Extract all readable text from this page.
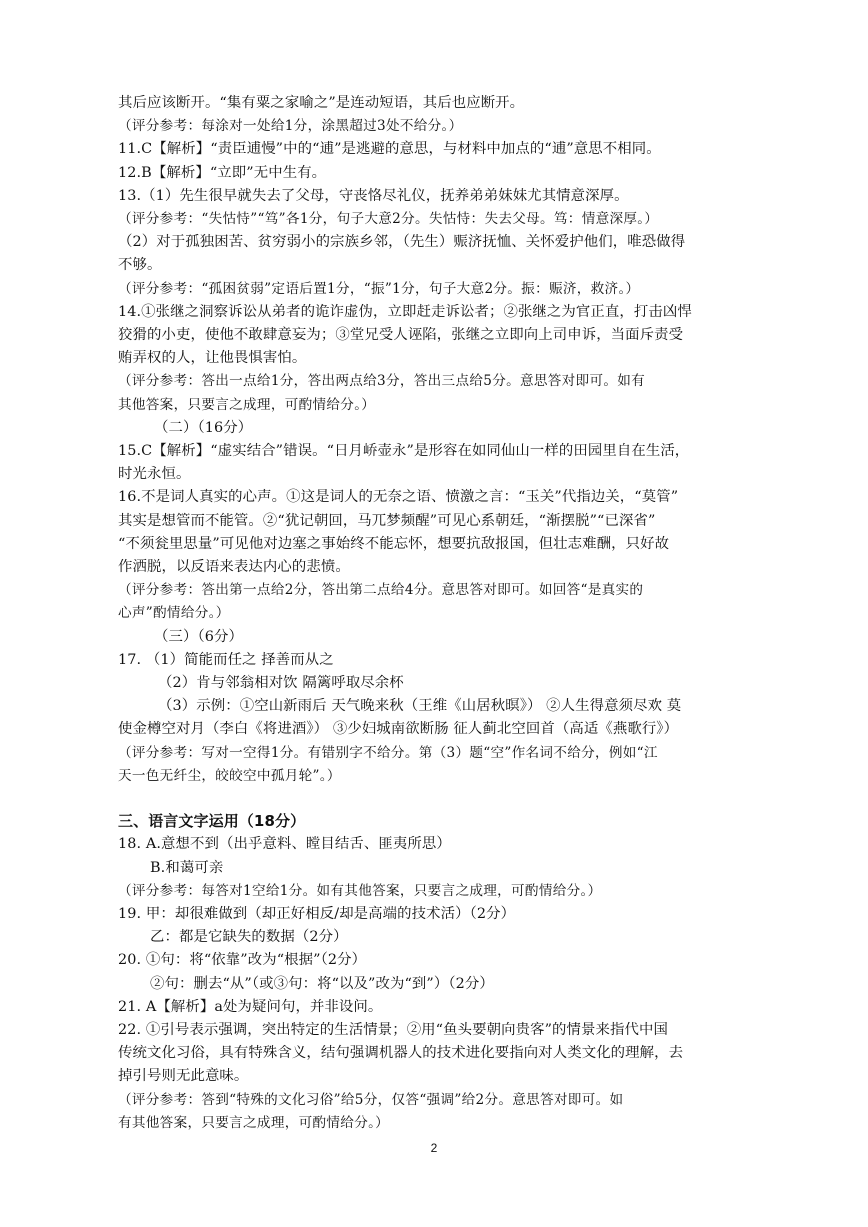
其后应该断开。“集有粟之家喻之”是连动短语，其后也应断开。
（评分参考：每涂对一处给1分，涂黑超过3处不给分。）
11.C【解析】“责臣逋慢”中的“逋”是逃避的意思，与材料中加点的“逋”意思不相同。
12.B【解析】“立即”无中生有。
13.（1）先生很早就失去了父母，守丧恪尽礼仪，抚养弟弟妹妹尤其情意深厚。
（评分参考：“失怙恃”“笃”各1分，句子大意2分。失怙恃：失去父母。笃：情意深厚。）
（2）对于孤独困苦、贫穷弱小的宗族乡邻，（先生）赈济抚恤、关怀爱护他们，唯恐做得
不够。
（评分参考：“孤困贫弱”定语后置1分，“振”1分，句子大意2分。振：赈济，救济。）
14.①张继之洞察诉讼从弟者的诡诈虚伪，立即赶走诉讼者；②张继之为官正直，打击凶悍
狡猾的小吏，使他不敢肆意妄为；③堂兄受人诬陷，张继之立即向上司申诉，当面斥责受
贿弄权的人，让他畏惧害怕。
（评分参考：答出一点给1分，答出两点给3分，答出三点给5分。意思答对即可。如有
其他答案，只要言之成理，可酌情给分。）
（二）（16分）
15.C【解析】“虚实结合”错误。“日月峤壶永”是形容在如同仙山一样的田园里自在生活，
时光永恒。
16.不是词人真实的心声。①这是词人的无奈之语、愤激之言：“玉关”代指边关，“莫管”
其实是想管而不能管。②“犹记朝回，马兀梦频醒”可见心系朝廷，“渐摆脱”“已深省”
“不须瓮里思量”可见他对边塞之事始终不能忘怀，想要抗敌报国，但壮志难酬，只好故
作洒脱，以反语来表达内心的悲愤。
（评分参考：答出第一点给2分，答出第二点给4分。意思答对即可。如回答“是真实的
心声”酌情给分。）
（三）（6分）
17. （1）简能而任之 择善而从之
（2）肯与邻翁相对饮 隔篱呼取尽余杯
（3）示例：①空山新雨后 天气晚来秋（王维《山居秋暝》） ②人生得意须尽欢 莫
使金樽空对月（李白《将进酒》） ③少妇城南欲断肠 征人蓟北空回首（高适《燕歌行》）
（评分参考：写对一空得1分。有错别字不给分。第（3）题“空”作名词不给分，例如“江
天一色无纤尘，皎皎空中孤月轮”。）
三、语言文字运用（18分）
18. A.意想不到（出乎意料、瞠目结舌、匪夷所思）
B.和蔼可亲
（评分参考：每答对1空给1分。如有其他答案，只要言之成理，可酌情给分。）
19. 甲：却很难做到（却正好相反/却是高端的技术活）（2分）
乙：都是它缺失的数据（2分）
20. ①句：将“依靠”改为“根据”（2分）
②句：删去“从”（或③句：将“以及”改为“到”）（2分）
21. A【解析】a处为疑问句，并非设问。
22. ①引号表示强调，突出特定的生活情景；②用“鱼头要朝向贵客”的情景来指代中国
传统文化习俗，具有特殊含义，结句强调机器人的技术进化要指向对人类文化的理解，去
掉引号则无此意味。
（评分参考：答到“特殊的文化习俗”给5分，仅答“强调”给2分。意思答对即可。如
有其他答案，只要言之成理，可酌情给分。）
2
